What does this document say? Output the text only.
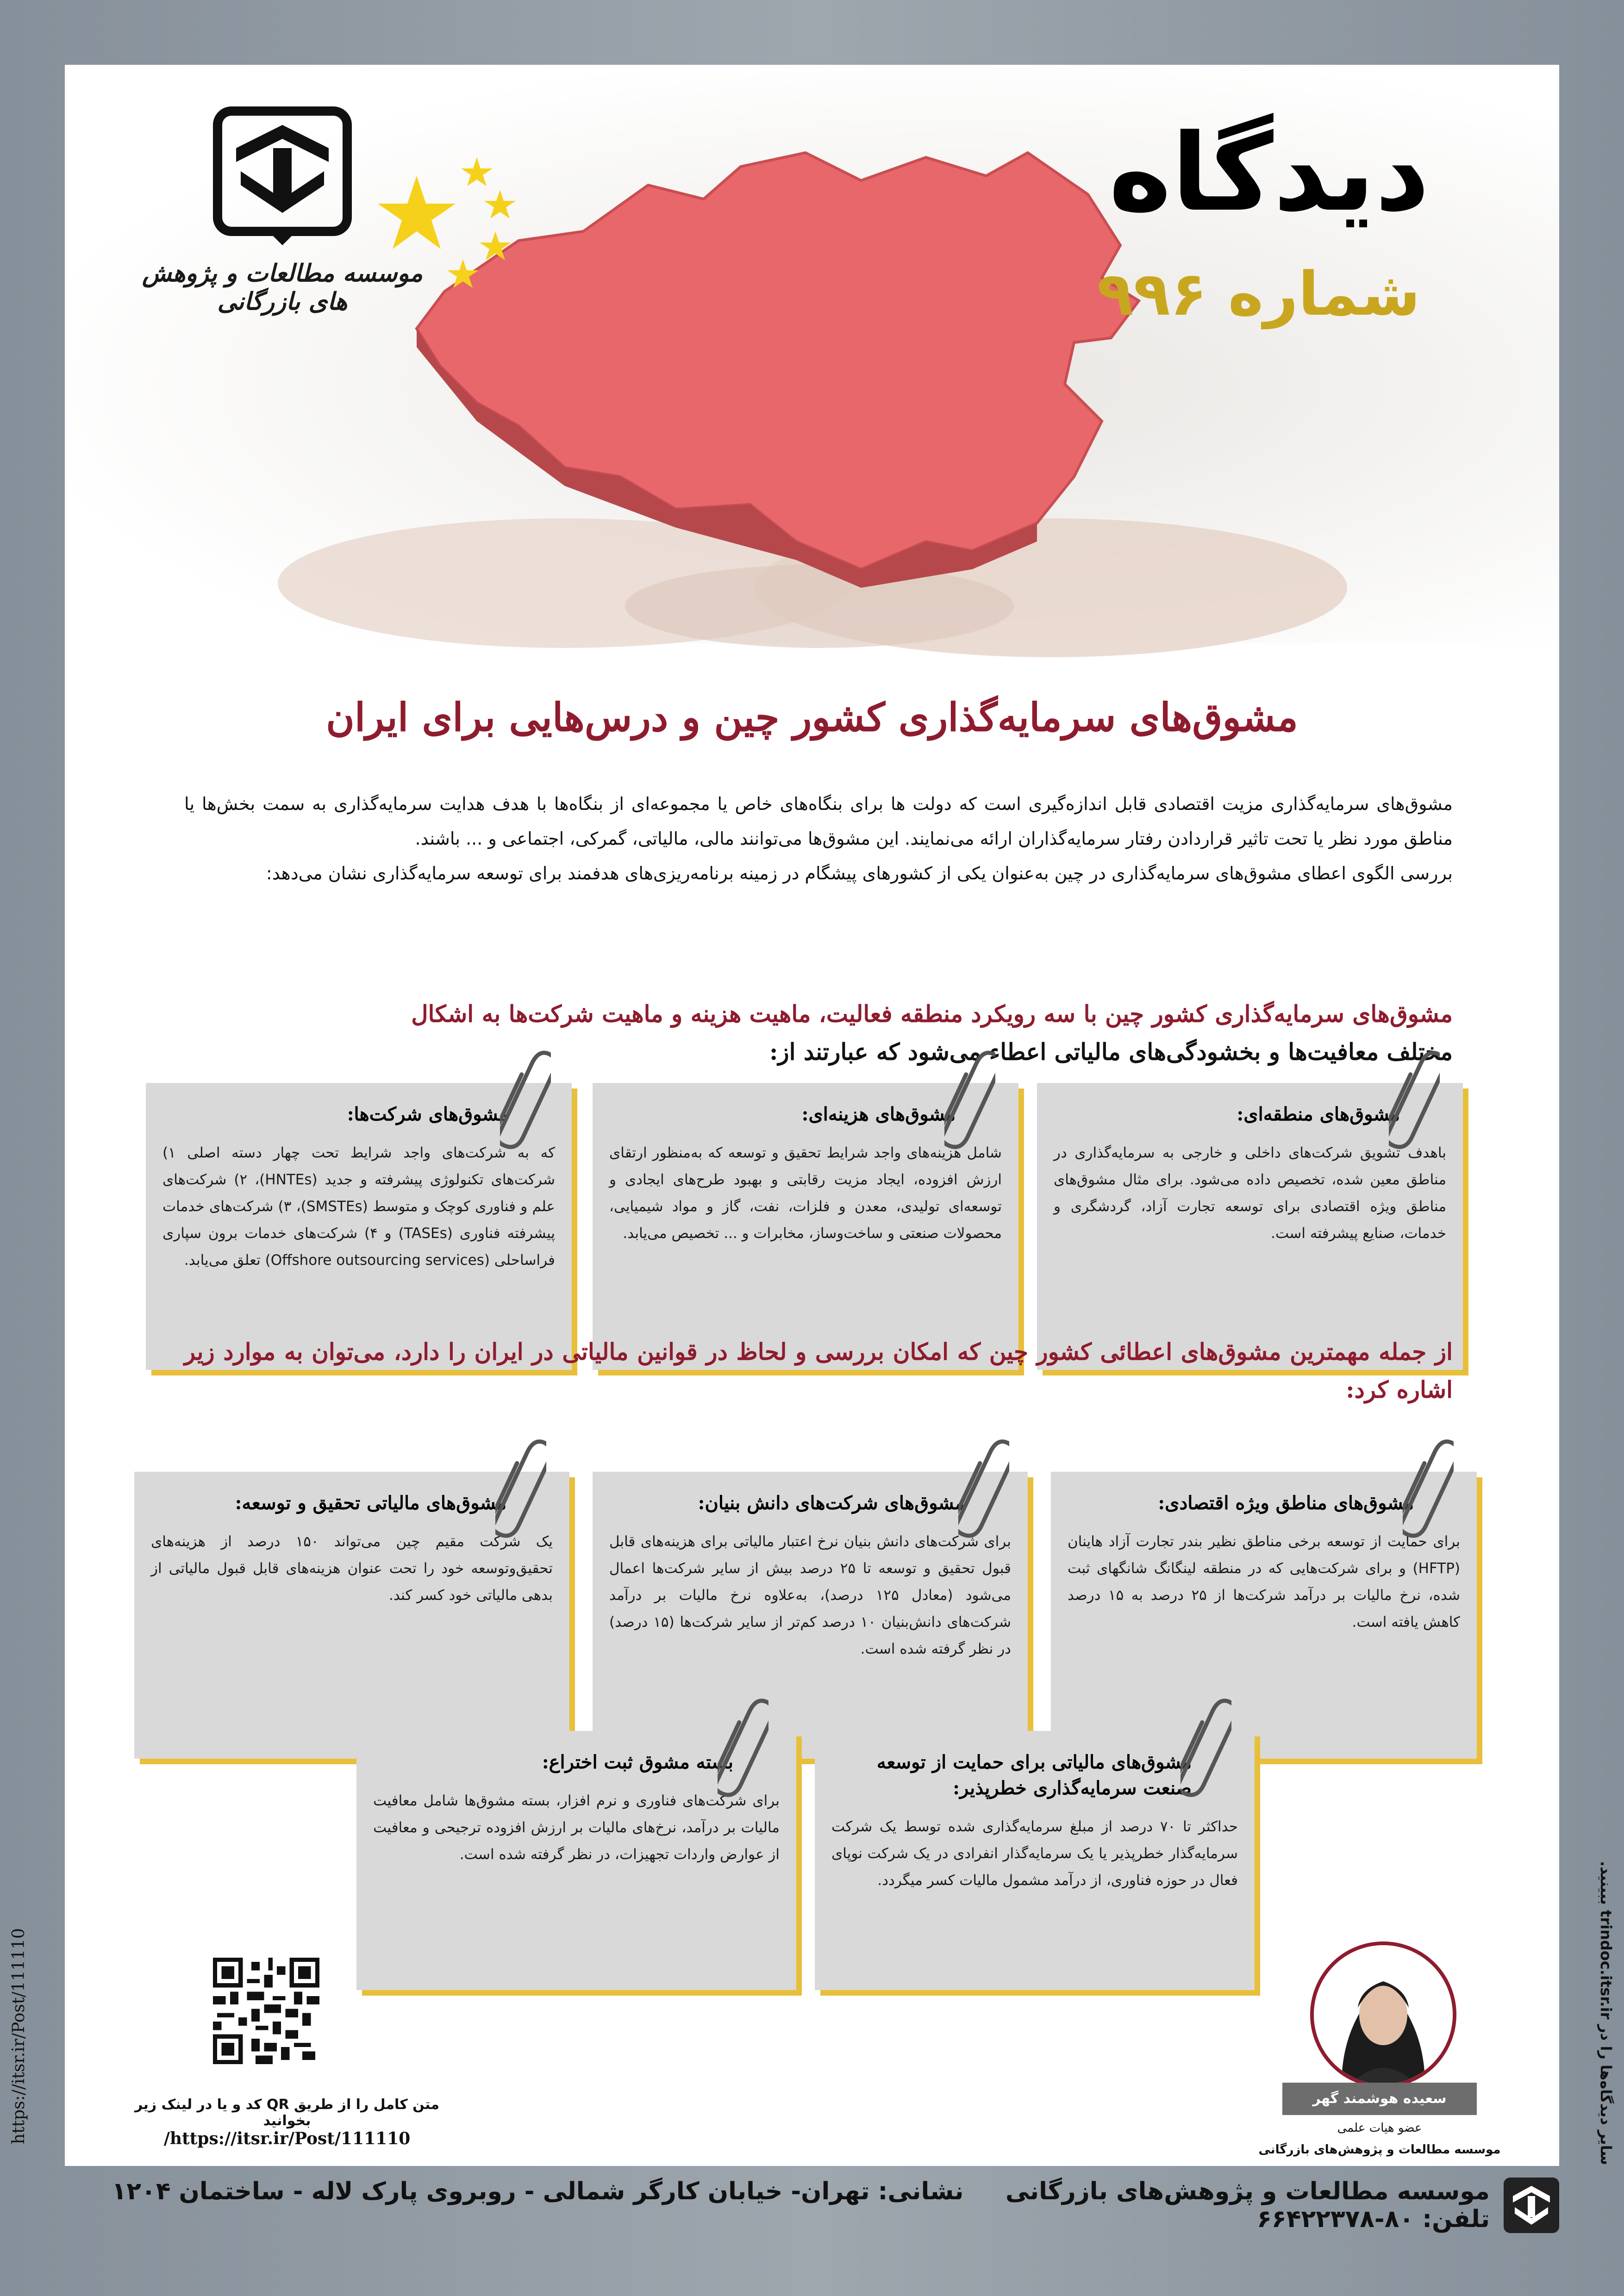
موسسه مطالعات و پژوهش های بازرگانی
دیدگاه
شماره ۹۹۶
مشوق‌های سرمایه‌گذاری کشور چین و درس‌هایی برای ایران

مشوق‌های سرمایه‌گذاری مزیت اقتصادی قابل اندازه‌گیری است که دولت ها برای بنگاه‌های خاص یا مجموعه‌ای از بنگاه‌ها با هدف هدایت سرمایه‌گذاری به سمت بخش‌ها یا مناطق مورد نظر یا تحت تاثیر قراردادن رفتار سرمایه‌گذاران ارائه می‌نمایند. این مشوق‌ها می‌توانند مالی، مالیاتی، گمرکی، اجتماعی و ... باشند.

بررسی الگوی اعطای مشوق‌های سرمایه‌گذاری در چین به‌عنوان یکی از کشورهای پیشگام در زمینه برنامه‌ریزی‌های هدفمند برای توسعه سرمایه‌گذاری نشان می‌دهد:

مشوق‌های سرمایه‌گذاری کشور چین با سه رویکرد منطقه فعالیت، ماهیت هزینه و ماهیت شرکت‌ها به اشکال
مختلف معافیت‌ها و بخشودگی‌های مالیاتی اعطاء می‌شود که عبارتند از:
مشوق‌های منطقه‌ای:
باهدف تشویق شرکت‌های داخلی و خارجی به سرمایه‌گذاری در مناطق معین شده، تخصیص داده می‌شود. برای مثال مشوق‌های مناطق ویژه اقتصادی برای توسعه تجارت آزاد، گردشگری و خدمات، صنایع پیشرفته است.
مشوق‌های هزینه‌ای:
شامل هزینه‌های واجد شرایط تحقیق و توسعه که به‌منظور ارتقای ارزش افزوده، ایجاد مزیت رقابتی و بهبود طرح‌های ایجادی و توسعه‌ای تولیدی، معدن و فلزات، نفت، گاز و مواد شیمیایی، محصولات صنعتی و ساخت‌وساز، مخابرات و ... تخصیص می‌یابد.
مشوق‌های شرکت‌ها:
که به شرکت‌های واجد شرایط تحت چهار دسته اصلی ۱) شرکت‌های تکنولوژی پیشرفته و جدید (HNTEs)، ۲) شرکت‌های علم و فناوری کوچک و متوسط (SMSTEs)، ۳) شرکت‌های خدمات پیشرفته فناوری (TASEs) و ۴) شرکت‌های خدمات برون سپاری فراساحلی (Offshore outsourcing services) تعلق می‌یابد.
از جمله مهمترین مشوق‌های اعطائی کشور چین که امکان بررسی و لحاظ در قوانین مالیاتی در ایران را دارد، می‌توان به موارد زیر اشاره کرد:
مشوق‌های مناطق ویژه اقتصادی:
برای حمایت از توسعه برخی مناطق نظیر بندر تجارت آزاد هاینان (HFTP) و برای شرکت‌هایی که در منطقه لینگانگ شانگهای ثبت شده، نرخ مالیات بر درآمد شرکت‌ها از ۲۵ درصد به ۱۵ درصد کاهش یافته است.
مشوق‌های شرکت‌های دانش بنیان:
برای شرکت‌های دانش بنیان نرخ اعتبار مالیاتی برای هزینه‌های قابل قبول تحقیق و توسعه تا ۲۵ درصد بیش از سایر شرکت‌ها اعمال می‌شود (معادل ۱۲۵ درصد)، به‌علاوه نرخ مالیات بر درآمد شرکت‌های دانش‌بنیان ۱۰ درصد کم‌تر از سایر شرکت‌ها (۱۵ درصد) در نظر گرفته شده است.
مشوق‌های مالیاتی تحقیق و توسعه:
یک شرکت مقیم چین می‌تواند ۱۵۰ درصد از هزینه‌های تحقیق‌وتوسعه خود را تحت عنوان هزینه‌های قابل قبول مالیاتی از بدهی مالیاتی خود کسر کند.
مشوق‌های مالیاتی برای حمایت از توسعه صنعت سرمایه‌گذاری خطرپذیر:
حداکثر تا ۷۰ درصد از مبلغ سرمایه‌گذاری شده توسط یک شرکت سرمایه‌گذار خطرپذیر یا یک سرمایه‌گذار انفرادی در یک شرکت نوپای فعال در حوزه فناوری، از درآمد مشمول مالیات کسر میگردد.
بسته مشوق ثبت اختراع:
برای شرکت‌های فناوری و نرم افزار، بسته مشوق‌ها شامل معافیت مالیات بر درآمد، نرخ‌های مالیات بر ارزش افزوده ترجیحی و معافیت از عوارض واردات تجهیزات، در نظر گرفته شده است.
متن کامل را از طریق QR کد و یا در لینک زیر بخوانید
/https://itsr.ir/Post/111110
سعیده هوشمند گهر
عضو هیات علمی
موسسه مطالعات و پژوهش‌های بازرگانی
موسسه مطالعات و پژوهش‌های بازرگانی     نشانی: تهران- خیابان کارگر شمالی - روبروی پارک لاله - ساختمان ۱۲۰۴     تلفن: ۶۶۴۲۲۳۷۸-۸۰
https://itsr.ir/Post/111110	سایر دیدگاه‌ها را در trindoc.itsr.ir ببینید.
